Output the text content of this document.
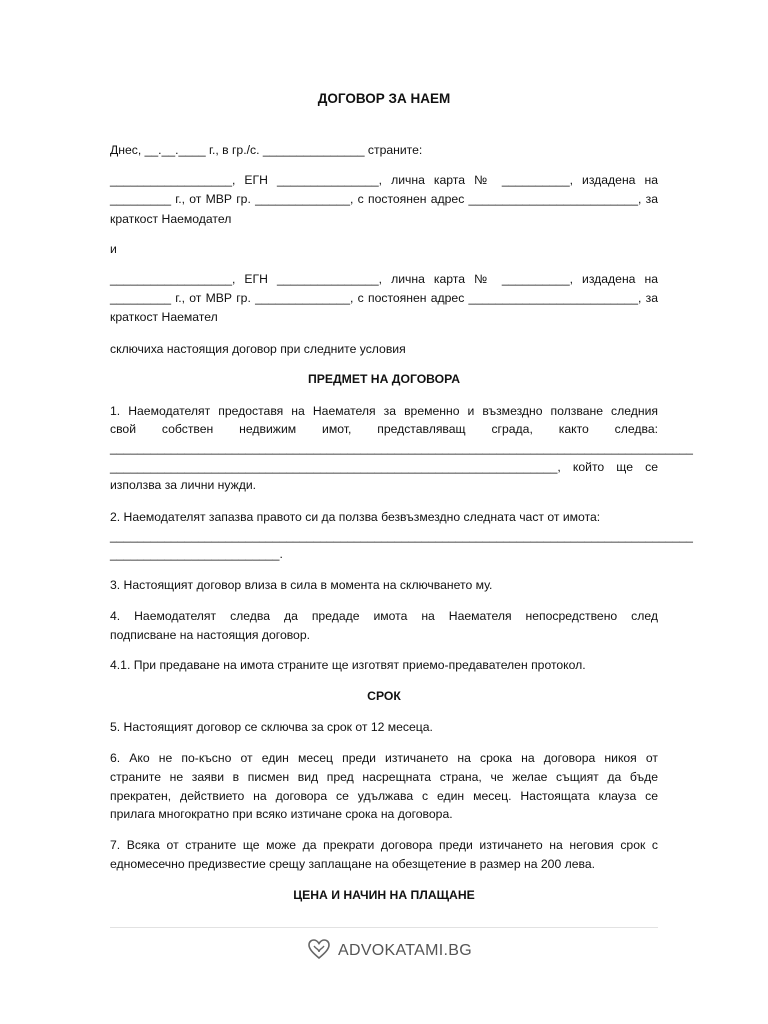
ДОГОВОР ЗА НАЕМ
Днес, __.__.____ г., в гр./с. _______________ страните:
__________________, ЕГН _______________, лична карта № __________, издадена на
_________ г., от МВР гр. ______________, с постоянен адрес _________________________, за
краткост Наемодател
и
__________________, ЕГН _______________, лична карта № __________, издадена на
_________ г., от МВР гр. ______________, с постоянен адрес _________________________, за
краткост Наемател
сключиха настоящия договор при следните условия
ПРЕДМЕТ НА ДОГОВОРА
1. Наемодателят предоставя на Наемателя за временно и възмездно ползване следния
свой собствен недвижим имот, представляващ сграда, както следва:
______________________________________________________________________________________
__________________________________________________________________, който ще се
използва за лични нужди.
2. Наемодателят запазва правото си да ползва безвъзмездно следната част от имота:
______________________________________________________________________________________
_________________________.
3. Настоящият договор влиза в сила в момента на сключването му.
4. Наемодателят следва да предаде имота на Наемателя непосредствено след
подписване на настоящия договор.
4.1. При предаване на имота страните ще изготвят приемо-предавателен протокол.
СРОК
5. Настоящият договор се сключва за срок от 12 месеца.
6. Ако не по-късно от един месец преди изтичането на срока на договора никоя от
страните не заяви в писмен вид пред насрещната страна, че желае същият да бъде
прекратен, действието на договора се удължава с един месец. Настоящата клауза се
прилага многократно при всяко изтичане срока на договора.
7. Всяка от страните ще може да прекрати договора преди изтичането на неговия срок с
едномесечно предизвестие срещу заплащане на обезщетение в размер на 200 лева.
ЦЕНА И НАЧИН НА ПЛАЩАНЕ
ADVOKATAMI.BG
